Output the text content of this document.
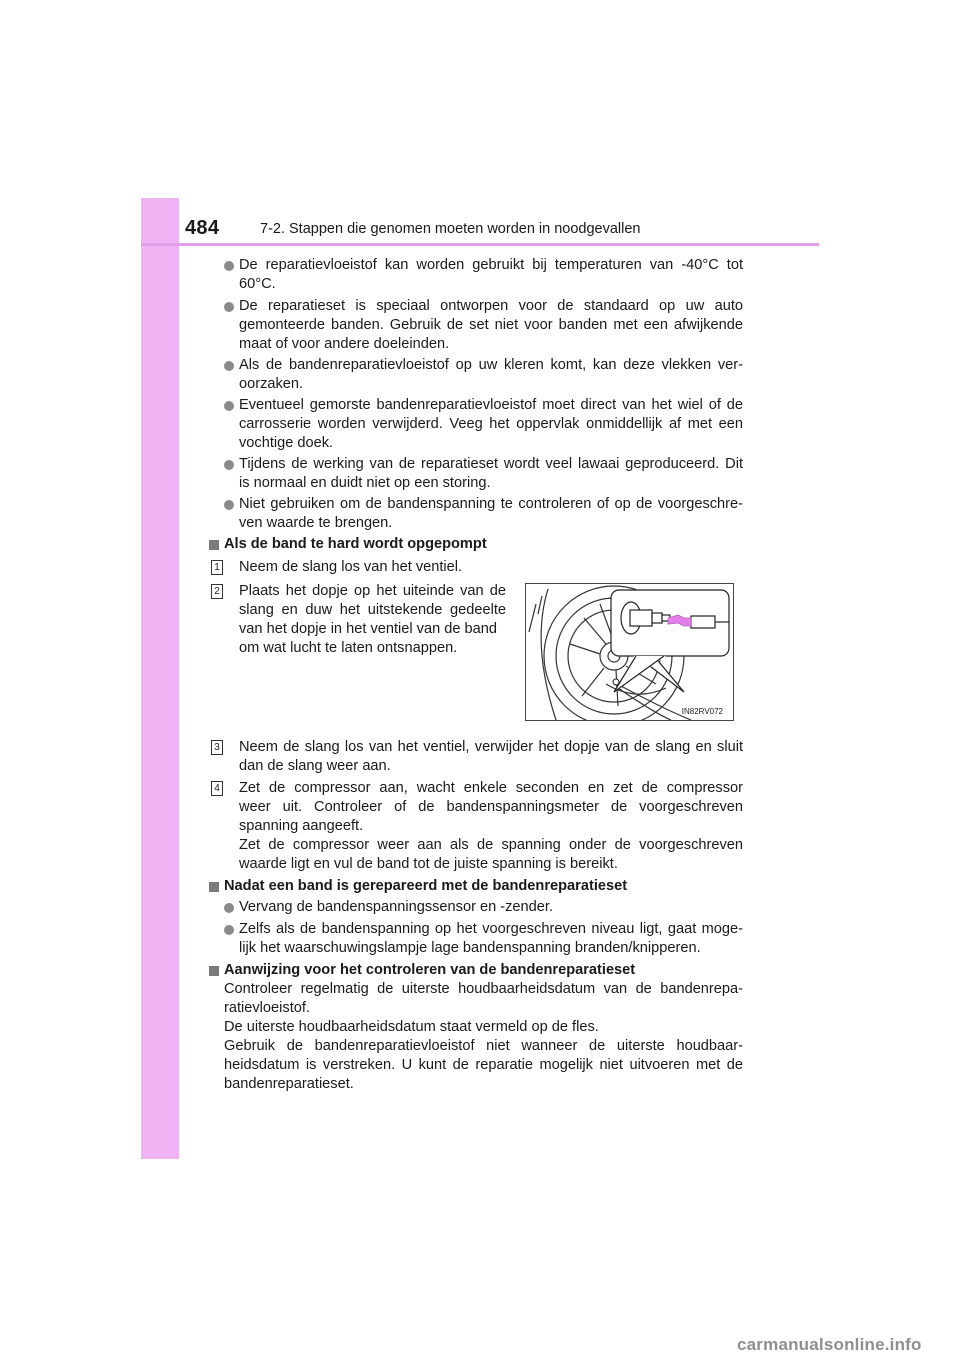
484	7-2. Stappen die genomen moeten worden in noodgevallen
De reparatievloeistof kan worden gebruikt bij temperaturen van -40°C tot
60°C.
De reparatieset is speciaal ontworpen voor de standaard op uw auto
gemonteerde banden. Gebruik de set niet voor banden met een afwijkende
maat of voor andere doeleinden.
Als de bandenreparatievloeistof op uw kleren komt, kan deze vlekken ver-
oorzaken.
Eventueel gemorste bandenreparatievloeistof moet direct van het wiel of de
carrosserie worden verwijderd. Veeg het oppervlak onmiddellijk af met een
vochtige doek.
Tijdens de werking van de reparatieset wordt veel lawaai geproduceerd. Dit
is normaal en duidt niet op een storing.
Niet gebruiken om de bandenspanning te controleren of op de voorgeschre-
ven waarde te brengen.
Als de band te hard wordt opgepompt
1 Neem de slang los van het ventiel.
2 Plaats het dopje op het uiteinde van de
slang en duw het uitstekende gedeelte
van het dopje in het ventiel van de band
om wat lucht te laten ontsnappen.
IN82RV072
3 Neem de slang los van het ventiel, verwijder het dopje van de slang en sluit
dan de slang weer aan.
4 Zet de compressor aan, wacht enkele seconden en zet de compressor
weer uit. Controleer of de bandenspanningsmeter de voorgeschreven
spanning aangeeft.
Zet de compressor weer aan als de spanning onder de voorgeschreven
waarde ligt en vul de band tot de juiste spanning is bereikt.
Nadat een band is gerepareerd met de bandenreparatieset
Vervang de bandenspanningssensor en -zender.
Zelfs als de bandenspanning op het voorgeschreven niveau ligt, gaat moge-
lijk het waarschuwingslampje lage bandenspanning branden/knipperen.
Aanwijzing voor het controleren van de bandenreparatieset
Controleer regelmatig de uiterste houdbaarheidsdatum van de bandenrepa-
ratievloeistof.
De uiterste houdbaarheidsdatum staat vermeld op de fles.
Gebruik de bandenreparatievloeistof niet wanneer de uiterste houdbaar-
heidsdatum is verstreken. U kunt de reparatie mogelijk niet uitvoeren met de
bandenreparatieset.
carmanualsonline.info
